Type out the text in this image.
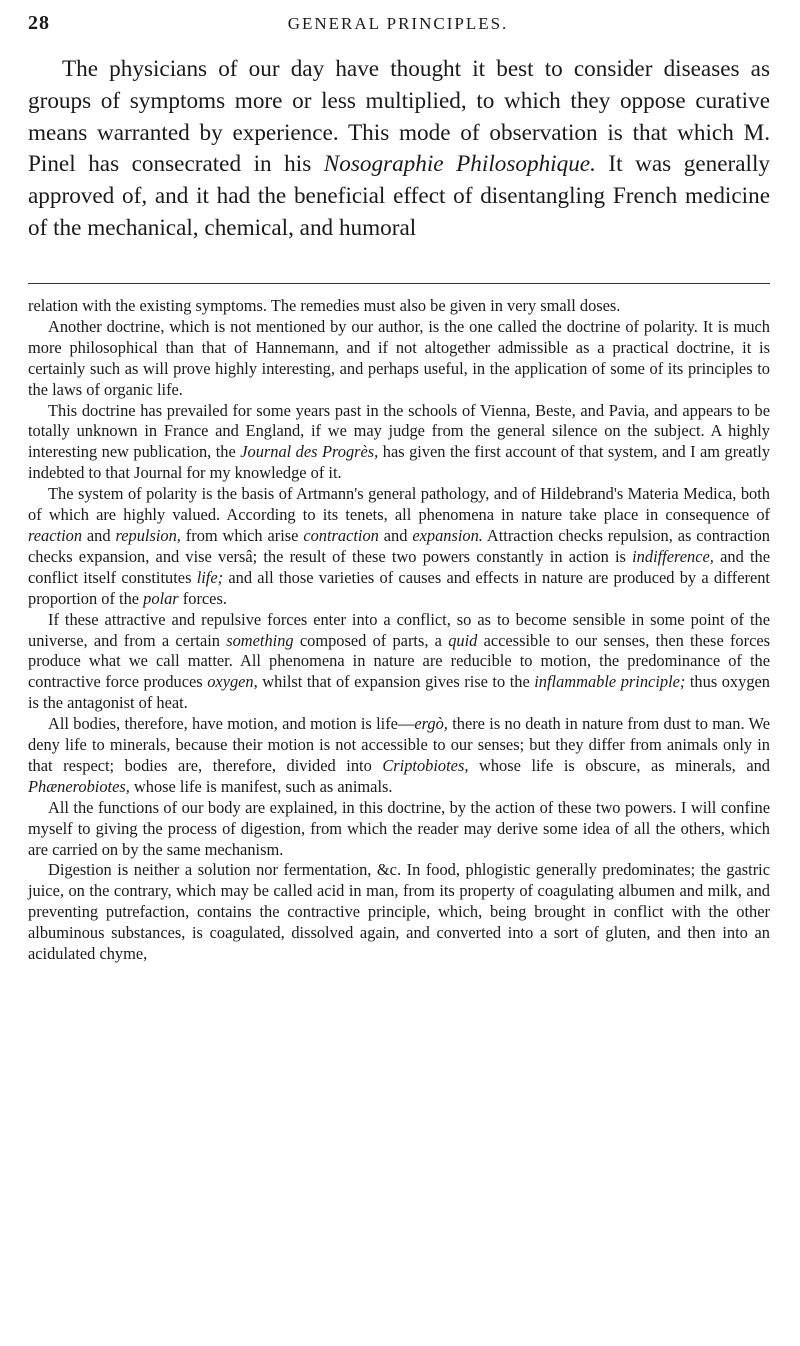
28	GENERAL PRINCIPLES.

The physicians of our day have thought it best to consider diseases as groups of symptoms more or less multiplied, to which they oppose curative means warranted by experience. This mode of observation is that which M. Pinel has consecrated in his Nosographie Philosophique. It was generally approved of, and it had the beneficial effect of disentangling French medicine of the mechanical, chemical, and humoral

relation with the existing symptoms. The remedies must also be given in very small doses.

Another doctrine, which is not mentioned by our author, is the one called the doctrine of polarity. It is much more philosophical than that of Hannemann, and if not altogether admissible as a practical doctrine, it is certainly such as will prove highly interesting, and perhaps useful, in the application of some of its principles to the laws of organic life.

This doctrine has prevailed for some years past in the schools of Vienna, Beste, and Pavia, and appears to be totally unknown in France and England, if we may judge from the general silence on the subject. A highly interesting new publication, the Journal des Progrès, has given the first account of that system, and I am greatly indebted to that Journal for my knowledge of it.

The system of polarity is the basis of Artmann's general pathology, and of Hildebrand's Materia Medica, both of which are highly valued. According to its tenets, all phenomena in nature take place in consequence of reaction and repulsion, from which arise contraction and expansion. Attraction checks repulsion, as contraction checks expansion, and vise versâ; the result of these two powers constantly in action is indifference, and the conflict itself constitutes life; and all those varieties of causes and effects in nature are produced by a different proportion of the polar forces.

If these attractive and repulsive forces enter into a conflict, so as to become sensible in some point of the universe, and from a certain something composed of parts, a quid accessible to our senses, then these forces produce what we call matter. All phenomena in nature are reducible to motion, the predominance of the contractive force produces oxygen, whilst that of expansion gives rise to the inflammable principle; thus oxygen is the antagonist of heat.

All bodies, therefore, have motion, and motion is life—ergò, there is no death in nature from dust to man. We deny life to minerals, because their motion is not accessible to our senses; but they differ from animals only in that respect; bodies are, therefore, divided into Criptobiotes, whose life is obscure, as minerals, and Phænerobiotes, whose life is manifest, such as animals.

All the functions of our body are explained, in this doctrine, by the action of these two powers. I will confine myself to giving the process of digestion, from which the reader may derive some idea of all the others, which are carried on by the same mechanism.

Digestion is neither a solution nor fermentation, &c. In food, phlogistic generally predominates; the gastric juice, on the contrary, which may be called acid in man, from its property of coagulating albumen and milk, and preventing putrefaction, contains the contractive principle, which, being brought in conflict with the other albuminous substances, is coagulated, dissolved again, and converted into a sort of gluten, and then into an acidulated chyme,
